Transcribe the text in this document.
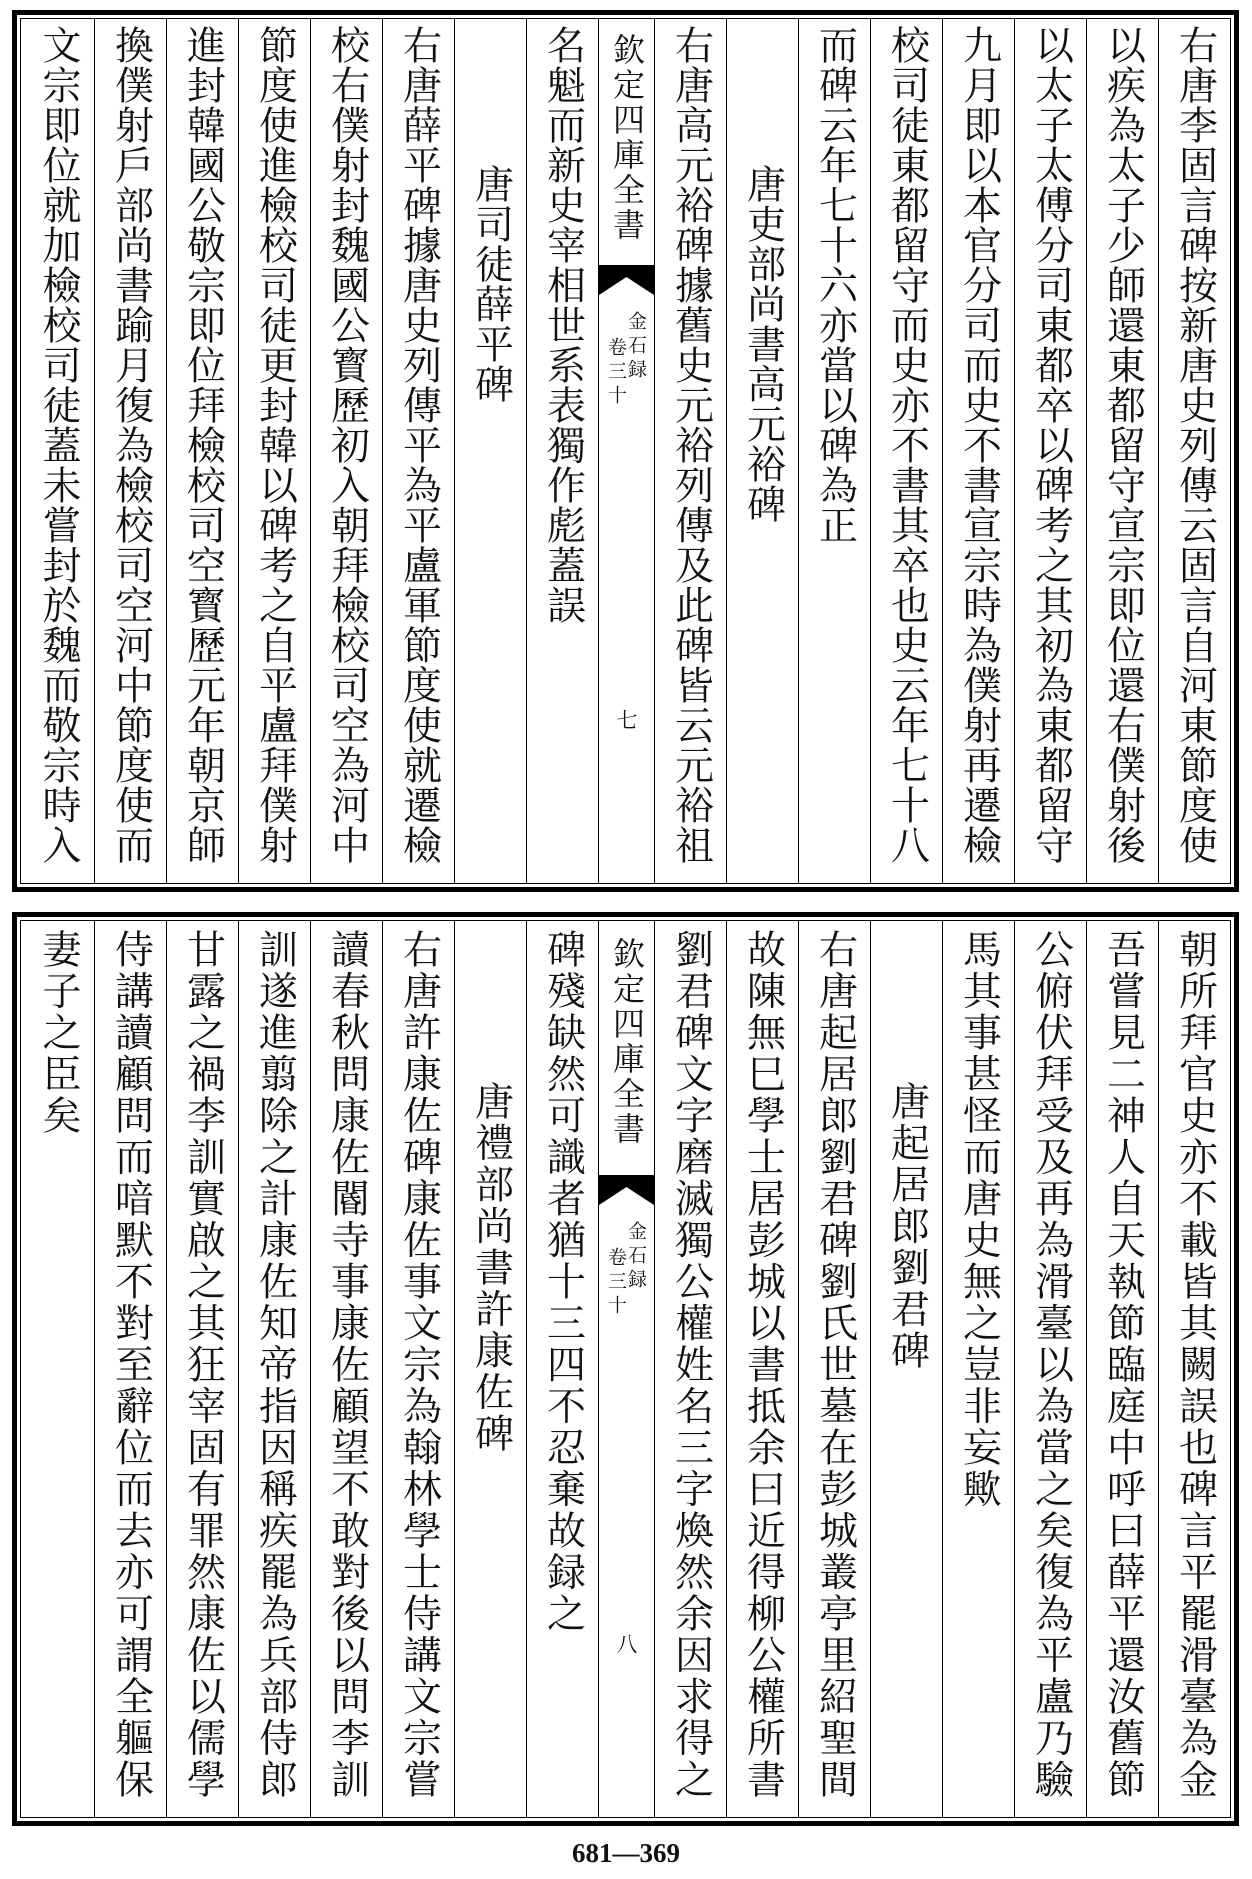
右唐李固言碑按新唐史列傳云固言自河東節度使
以疾為太子少師還東都留守宣宗即位還右僕射後
以太子太傅分司東都卒以碑考之其初為東都留守
九月即以本官分司而史不書宣宗時為僕射再遷檢
校司徒東都留守而史亦不書其卒也史云年七十八
而碑云年七十六亦當以碑為正
唐吏部尚書高元裕碑
右唐高元裕碑據舊史元裕列傳及此碑皆云元裕祖
欽定四庫全書
金石録
卷三十
七
名魁而新史宰相世系表獨作彪蓋誤
唐司徒薛平碑
右唐薛平碑據唐史列傳平為平盧軍節度使就遷檢
校右僕射封魏國公寳歷初入朝拜檢校司空為河中
節度使進檢校司徒更封韓以碑考之自平盧拜僕射
進封韓國公敬宗即位拜檢校司空寳歷元年朝京師
換僕射戶部尚書踰月復為檢校司空河中節度使而
文宗即位就加檢校司徒蓋未嘗封於魏而敬宗時入
朝所拜官史亦不載皆其闕誤也碑言平罷滑臺為金
吾嘗見二神人自天執節臨庭中呼曰薛平還汝舊節
公俯伏拜受及再為滑臺以為當之矣復為平盧乃驗
馬其事甚怪而唐史無之豈非妄歟
唐起居郎劉君碑
右唐起居郎劉君碑劉氏世墓在彭城叢亭里紹聖間
故陳無巳學士居彭城以書抵余曰近得柳公權所書
劉君碑文字磨滅獨公權姓名三字煥然余因求得之
欽定四庫全書
金石録
卷三十
八
碑殘缺然可識者猶十三四不忍棄故録之
唐禮部尚書許康佐碑
右唐許康佐碑康佐事文宗為翰林學士侍講文宗嘗
讀春秋問康佐閽寺事康佐顧望不敢對後以問李訓
訓遂進翦除之計康佐知帝指因稱疾罷為兵部侍郎
甘露之禍李訓實啟之其狂宰固有罪然康佐以儒學
侍講讀顧問而喑默不對至辭位而去亦可謂全軀保
妻子之臣矣
681—369
